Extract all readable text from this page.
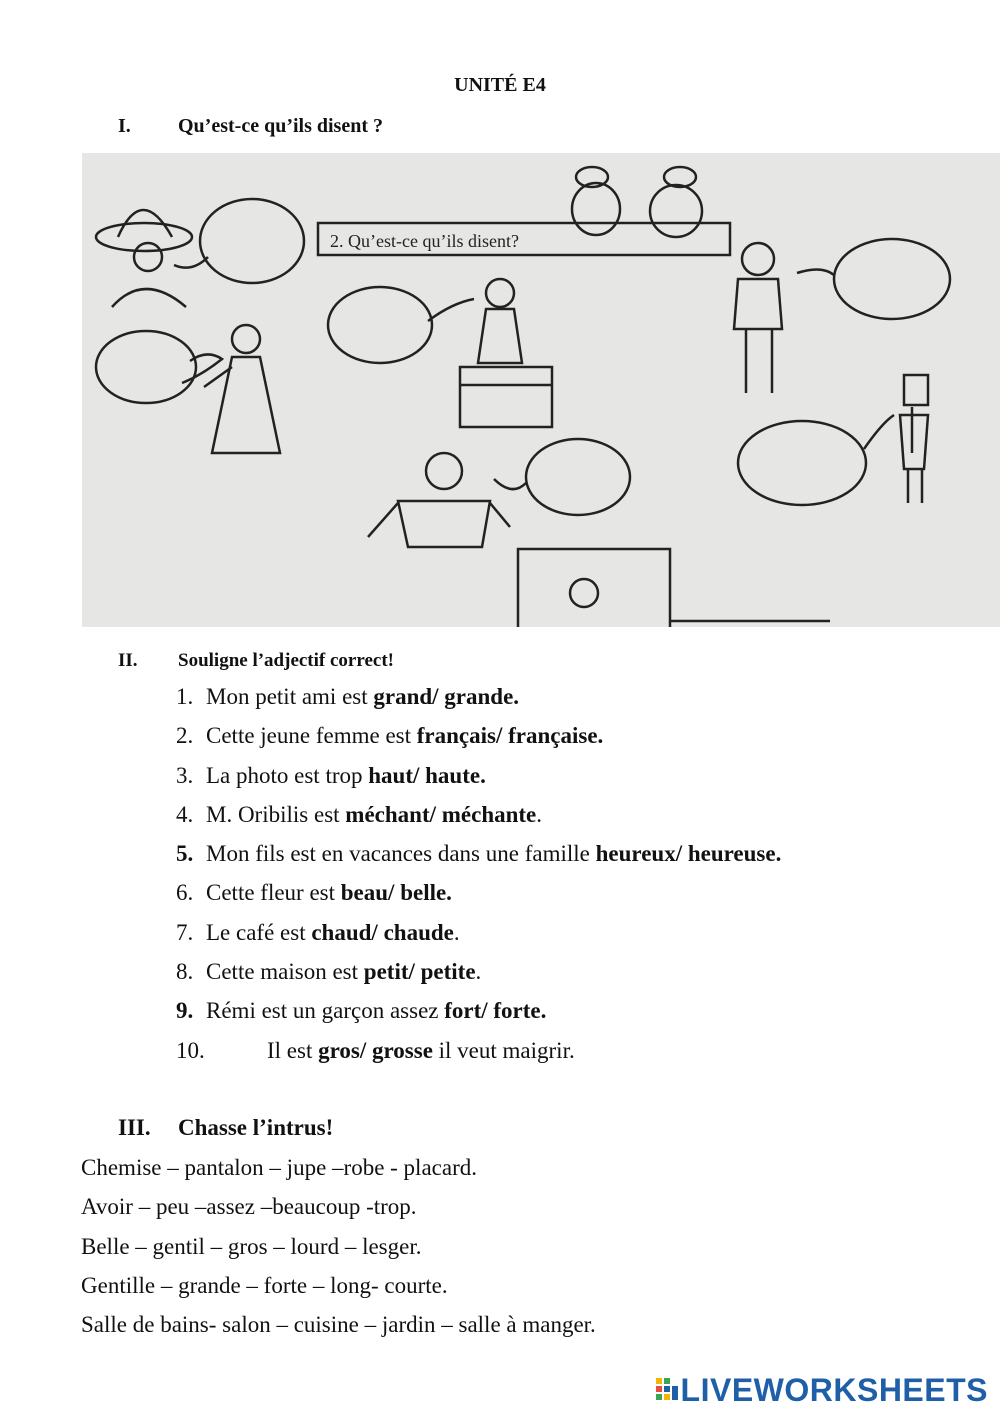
UNITÉ E4
I. Qu’est-ce qu’ils disent ?
2. Qu’est-ce qu’ils disent?
II. Souligne l’adjectif correct!
1. Mon petit ami est grand/ grande.
2. Cette jeune femme est français/ française.
3. La photo est trop haut/ haute.
4. M. Oribilis est méchant/ méchante.
5. Mon fils est en vacances dans une famille heureux/ heureuse.
6. Cette fleur est beau/ belle.
7. Le café est chaud/ chaude.
8. Cette maison est petit/ petite.
9. Rémi est un garçon assez fort/ forte.
10.	Il est gros/ grosse il veut maigrir.
III. Chasse l’intrus!
Chemise – pantalon – jupe –robe - placard.
Avoir – peu –assez –beaucoup -trop.
Belle – gentil – gros – lourd – lesger.
Gentille – grande – forte – long- courte.
Salle de bains- salon – cuisine – jardin – salle à manger.
LIVEWORKSHEETS
